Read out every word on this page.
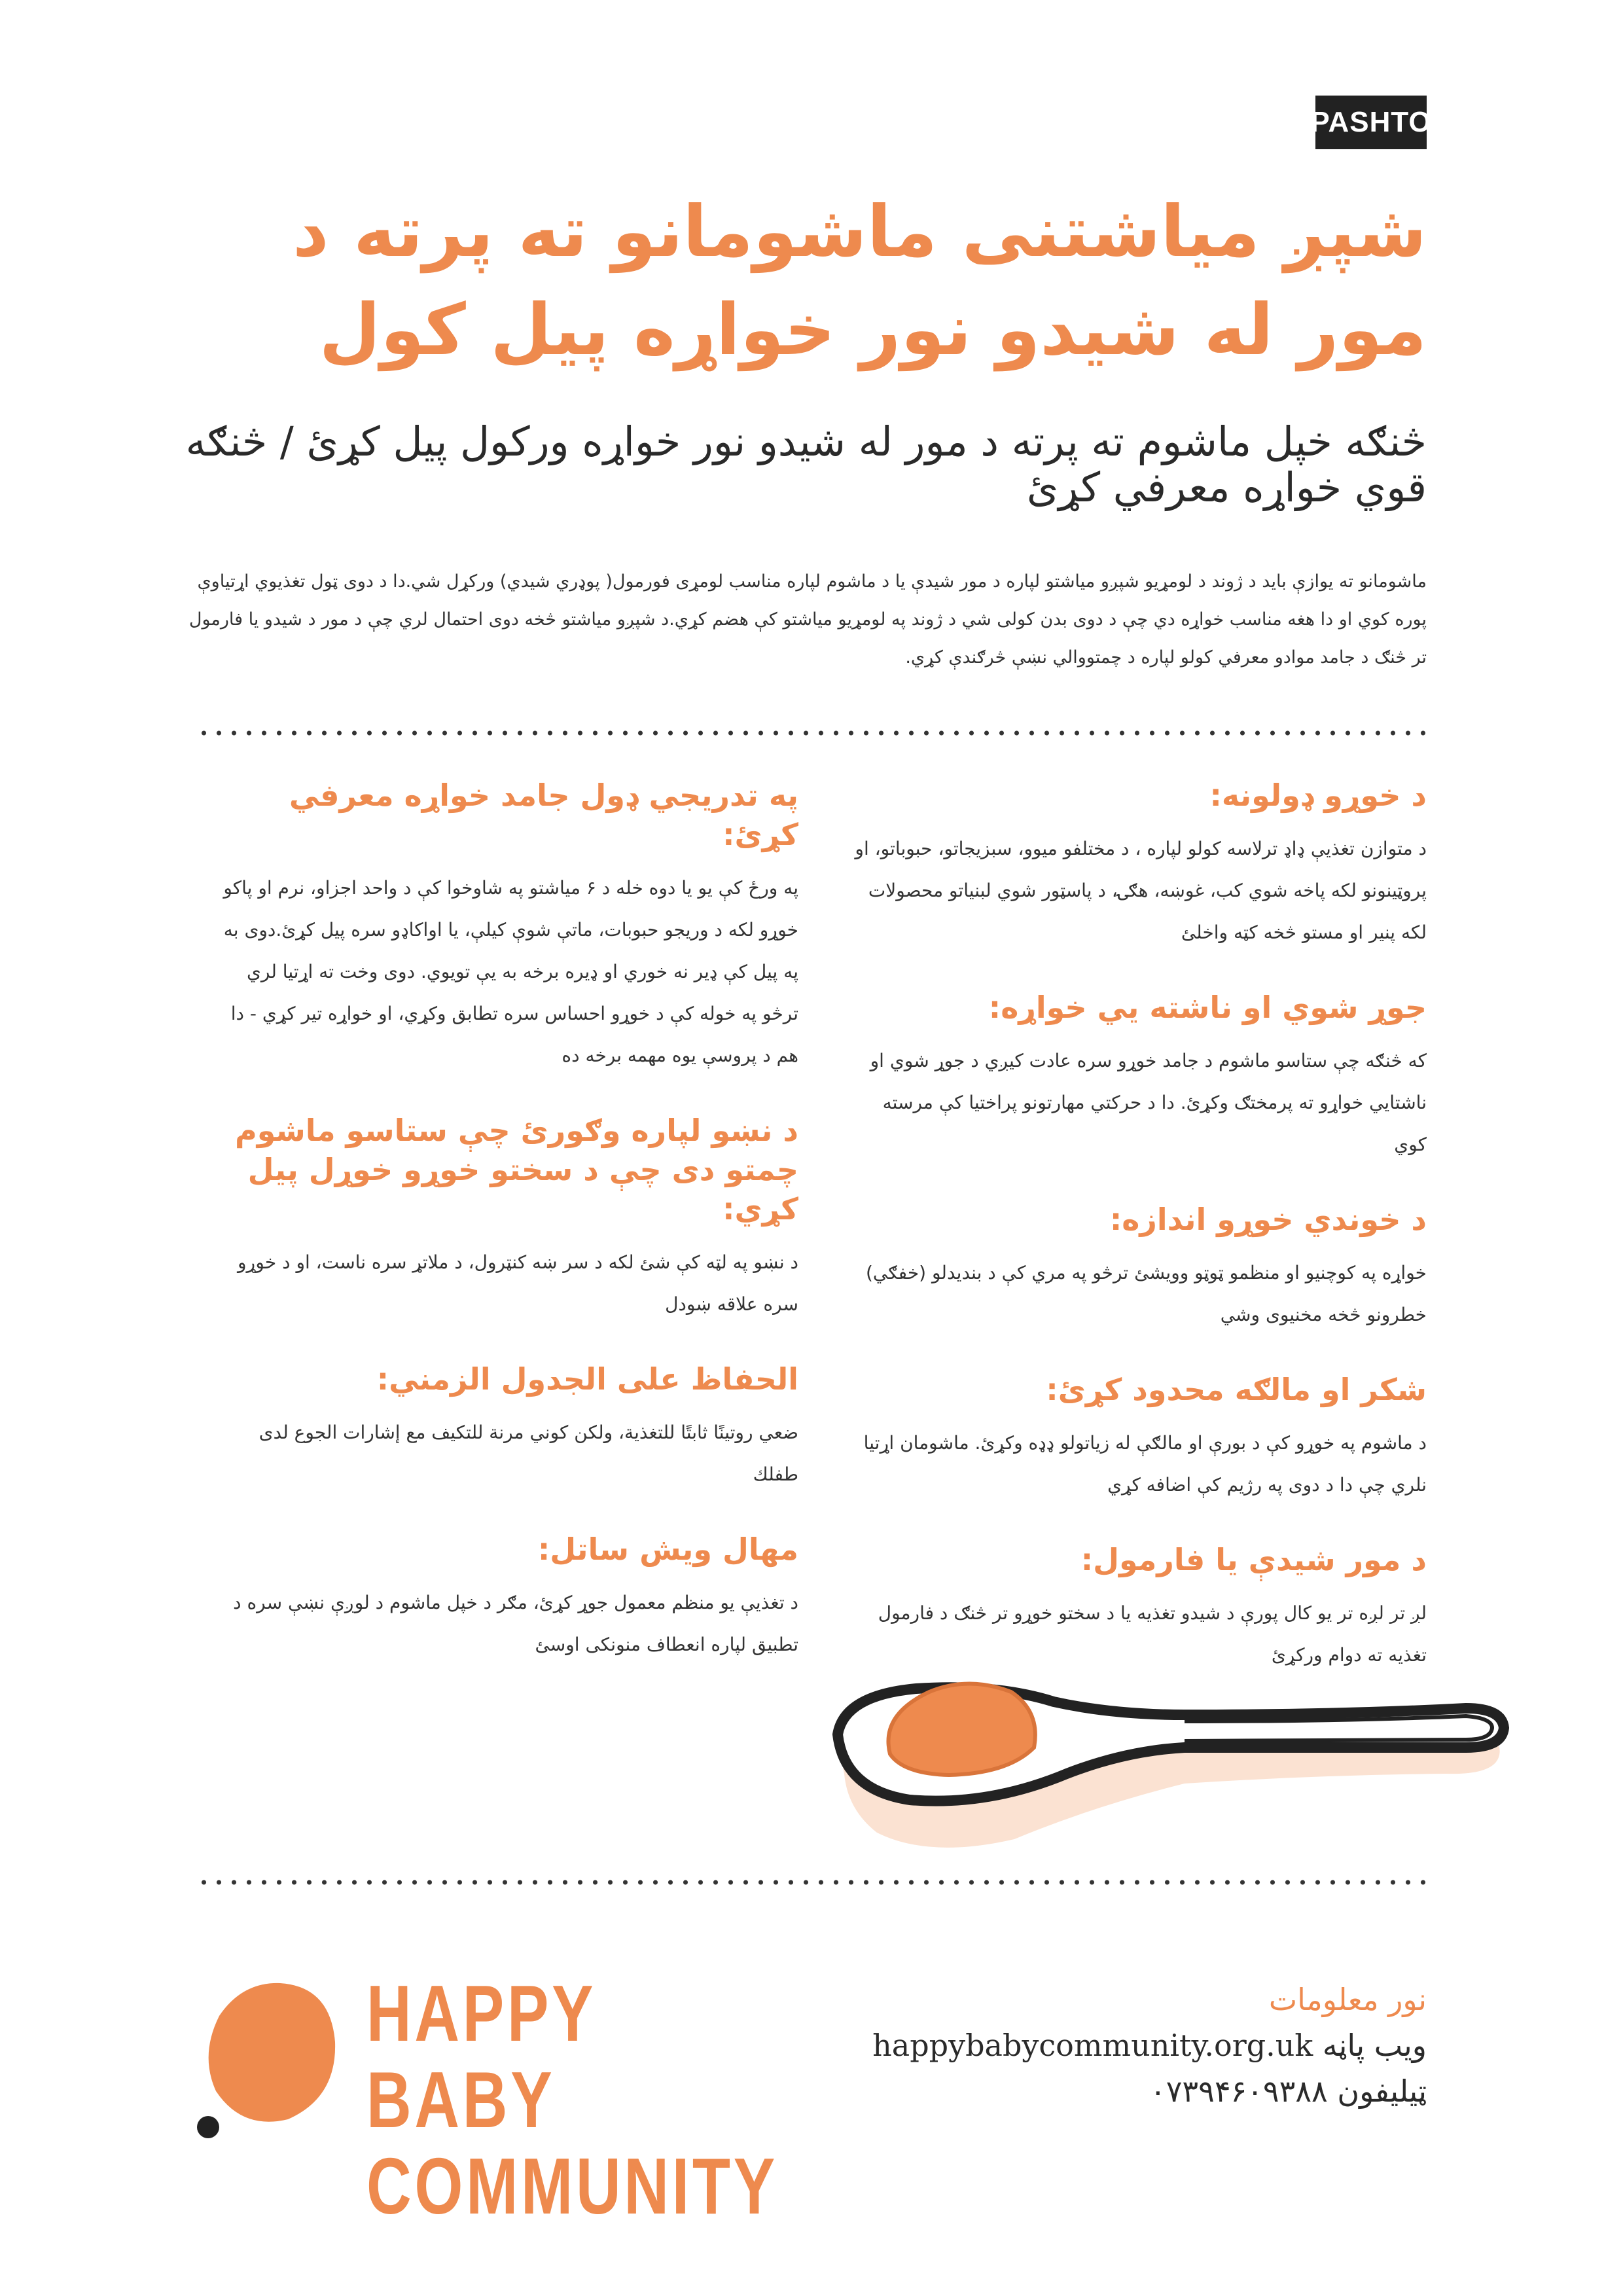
PASHTO
شپږ میاشتنی ماشومانو ته پرته د
مور له شیدو نور خواړه پیل کول
څنګه خپل ماشوم ته پرته د مور له شیدو نور خواړه ورکول پیل کړئ / څنګه قوي خواړه معرفي کړئ
ماشومانو ته یوازې باید د ژوند د لومړیو شپږو میاشتو لپاره د مور شیدې یا د ماشوم لپاره مناسب لومړی فورمول( پوډري شیدي) ورکړل شي.دا د دوی ټول تغذیوي اړتیاوې پوره کوي او دا هغه مناسب خواړه دي چې د دوی بدن کولی شي د ژوند په لومړیو میاشتو کې هضم کړي.د شپږو میاشتو څخه دوی احتمال لري چې د مور د شیدو یا فارمول تر څنګ د جامد موادو معرفي کولو لپاره د چمتووالي نښې څرګندې کړي.
د خوړو ډولونه:

د متوازن تغذیې ډاډ ترلاسه کولو لپاره ، د مختلفو میوو، سبزیجاتو، حبوباتو، او پروټینونو لکه پاخه شوي کب، غوښه، هګۍ، د پاسټور شوي لبنیاتو محصولات لکه پنیر او مستو څخه کټه واخلئ

جوړ شوي او ناشته یي خواړه:

که څنګه چې ستاسو ماشوم د جامد خوړو سره عادت کیږي د جوړ شوي او ناشتایي خواړو ته پرمختګ وکړئ. دا د حرکتي مهارتونو پراختیا کې مرسته کوي

د خوندي خوړو اندازه:

خواړه په کوچنیو او منظمو ټوټو وویشئ ترڅو په مري کې د بندیدلو (خفګي) خطرونو څخه مخنیوی وشي

شکر او مالګه محدود کړئ:

د ماشوم په خوړو کې د بورې او مالګې له زیاتولو ډډه وکړئ. ماشومان اړتیا نلري چې دا د دوی په رژیم کې اضافه کړي

د مور شیدې یا فارمول:

لږ تر لږه تر یو کال پورې د شیدو تغذیه یا د سختو خوړو تر څنګ د فارمول تغذیه ته دوام ورکړئ

په تدریجي ډول جامد خواړه معرفي کړئ:

په ورځ کې یو یا دوه خله د ۶ میاشتو په شاوخوا کې د واحد اجزاو، نرم او پاکو خوړو لکه د وریجو حبوبات، ماتې شوې کیلې، یا اواکاډو سره پیل کړئ.دوی به په پیل کې ډیر نه خوري او ډیره برخه به یې تویوي. دوی وخت ته اړتیا لري ترڅو په خوله کې د خوړو احساس سره تطابق وکړي، او خواړه تیر کړي - دا هم د پروسې یوه مهمه برخه ده

د نښو لپاره وګورئ چې ستاسو ماشوم چمتو دی چې د سختو خوړو خوړل پیل کړي:

د نښو په لټه کې شئ لکه د سر ښه کنټرول، د ملاتړ سره ناست، او د خوړو سره علاقه ښودل

الحفاظ على الجدول الزمني:

ضعي روتينًا ثابتًا للتغذية، ولكن كوني مرنة للتكيف مع إشارات الجوع لدى طفلك

مهال ویش ساتل:

د تغذیې یو منظم معمول جوړ کړئ، مګر د خپل ماشوم د لوږې نښې سره د تطبیق لپاره انعطاف منونکی اوسئ

HAPPY BABY
COMMUNITY

نور معلومات

ویب پاڼه happybabycommunity.org.uk

ټیلیفون ۰۷۳۹۴۶۰۹۳۸۸
